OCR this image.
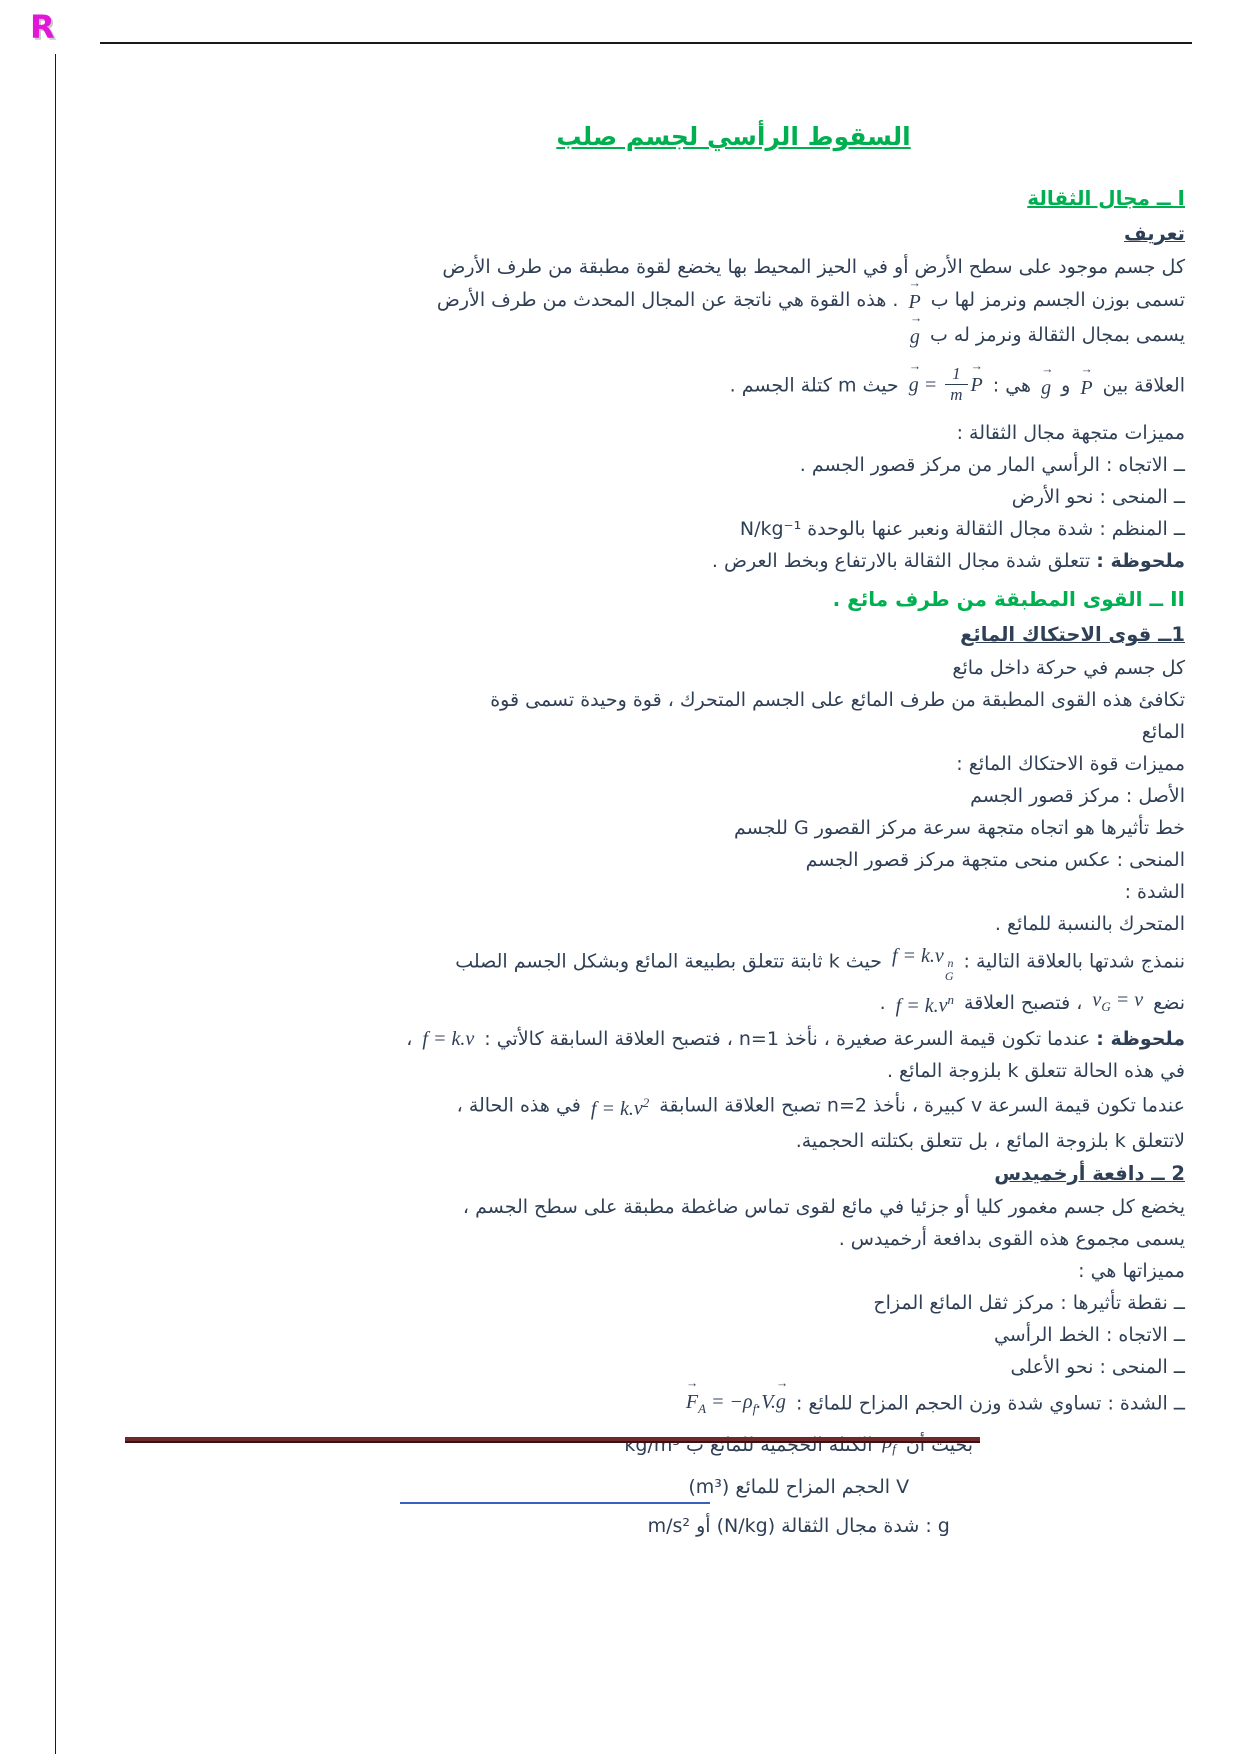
R
السقوط الرأسي لجسم صلب
I ــ مجال الثقالة
تعريف
كل جسم موجود على سطح الأرض أو في الحيز المحيط بها يخضع لقوة مطبقة من طرف الأرض
تسمى بوزن الجسم ونرمز لها ب
→
P . هذه القوة هي ناتجة عن المجال المحدث من طرف الأرض
يسمى بمجال الثقالة ونرمز له ب
→
g
العلاقة بين
→
P و
→
g هي :
→
$g = \frac{1}{m}$ →
P حيث m كتلة الجسم .
مميزات متجهة مجال الثقالة :
ــ الاتجاه : الرأسي المار من مركز قصور الجسم .
ــ المنحى : نحو الأرض
ــ المنظم : شدة مجال الثقالة ونعبر عنها بالوحدة N/kg⁻¹
ملحوظة : تتعلق شدة مجال الثقالة بالارتفاع وبخط العرض .
II ــ القوى المطبقة من طرف مائع .
1ــ قوى الاحتكاك المائع
كل جسم في حركة داخل مائع
تكافئ هذه القوى المطبقة من طرف المائع على الجسم المتحرك ، قوة وحيدة تسمى قوة
المائع
مميزات قوة الاحتكاك المائع :
الأصل : مركز قصور الجسم
خط تأثيرها هو اتجاه متجهة سرعة مركز القصور G للجسم
المنحى : عكس منحى متجهة مركز قصور الجسم
الشدة :
المتحرك بالنسبة للمائع .
ننمذج شدتها بالعلاقة التالية : f = k.v n
G
حيث k ثابتة تتعلق بطبيعة المائع وبشكل الجسم الصلب
نضع $v_G = v$ ، فتصبح العلاقة $f = k.v^n$ .
ملحوظة : عندما تكون قيمة السرعة صغيرة ، نأخذ n=1 ، فتصبح العلاقة السابقة كالأتي : f = k.v ،
في هذه الحالة تتعلق k بلزوجة المائع .
عندما تكون قيمة السرعة v كبيرة ، نأخذ n=2 تصبح العلاقة السابقة $f = k.v^2$ في هذه الحالة ،
لاتتعلق k بلزوجة المائع ، بل تتعلق بكتلته الحجمية.
2 ــ دافعة أرخميدس
يخضع كل جسم مغمور كليا أو جزئيا في مائع لقوى تماس ضاغطة مطبقة على سطح الجسم ،
يسمى مجموع هذه القوى بدافعة أرخميدس .
مميزاتها هي :
ــ نقطة تأثيرها : مركز ثقل المائع المزاح
ــ الاتجاه : الخط الرأسي
ــ المنحى : نحو الأعلى
ــ الشدة : تساوي شدة وزن الحجم المزاح للمائع :
→
$F_A = -\rho_f.V$.
→
g
بحيث أن $\rho_f$ الكتلة الحجمية للمائع ب kg/m³
V الحجم المزاح للمائع (m³)
g : شدة مجال الثقالة (N/kg) أو m/s²
